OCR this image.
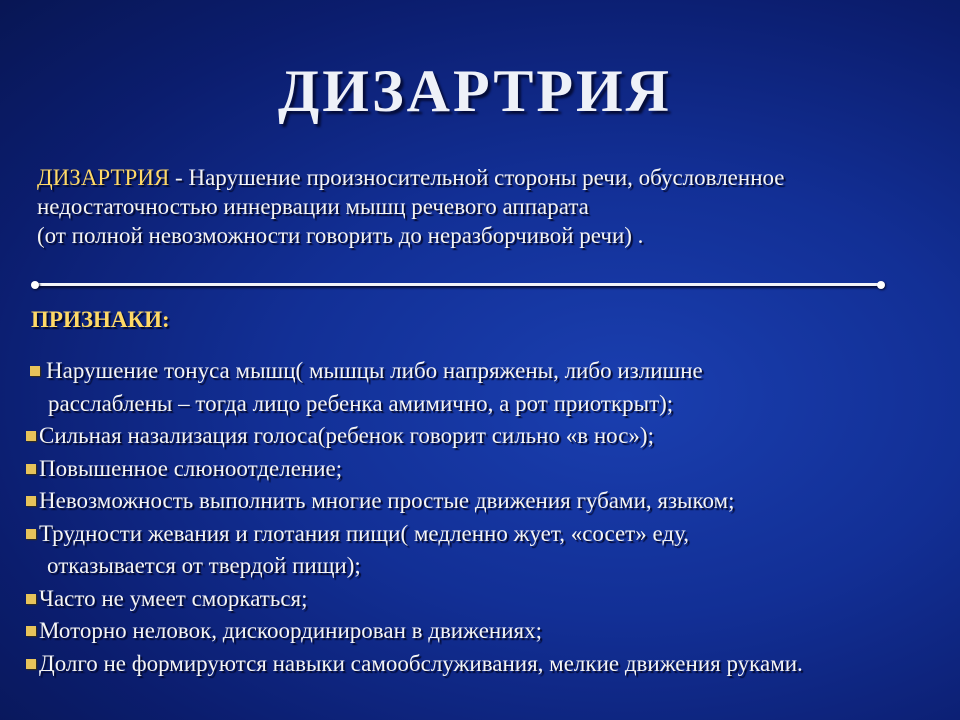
ДИЗАРТРИЯ
ДИЗАРТРИЯ - Нарушение произносительной стороны речи, обусловленное
недостаточностью иннервации мышц речевого аппарата
(от полной невозможности говорить до неразборчивой речи) .
ПРИЗНАКИ:
Нарушение тонуса мышц( мышцы либо напряжены, либо излишне
расслаблены – тогда лицо ребенка амимично, а рот приоткрыт);
Сильная назализация голоса(ребенок говорит сильно «в нос»);
Повышенное слюноотделение;
Невозможность выполнить многие простые движения губами, языком;
Трудности жевания и глотания пищи( медленно жует, «сосет» еду,
отказывается от твердой пищи);
Часто не умеет сморкаться;
Моторно неловок, дискоординирован в движениях;
Долго не формируются навыки самообслуживания, мелкие движения руками.
